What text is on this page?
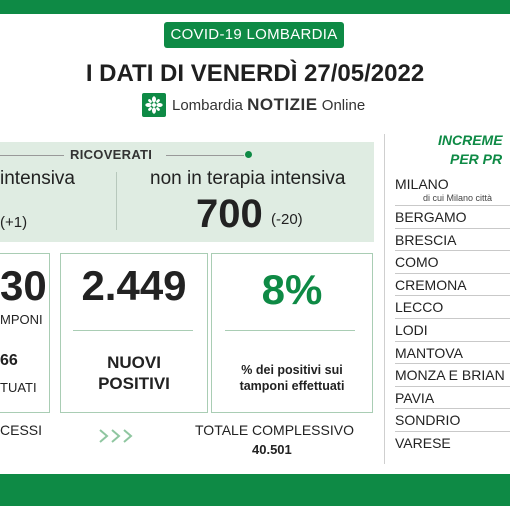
COVID-19 LOMBARDIA
I DATI DI VENERDÌ 27/05/2022
Lombardia NOTIZIE Online
RICOVERATI
intensiva
(+1)
non in terapia intensiva
700 (-20)
30
MPONI
66
TUATI
2.449
NUOVI
POSITIVI
8%
% dei positivi sui
tamponi effettuati
CESSI	TOTALE COMPLESSIVO
40.501
INCREME
PER PR
MILANO
di cui Milano città
BERGAMO
BRESCIA
COMO
CREMONA
LECCO
LODI
MANTOVA
MONZA E BRIAN
PAVIA
SONDRIO
VARESE
